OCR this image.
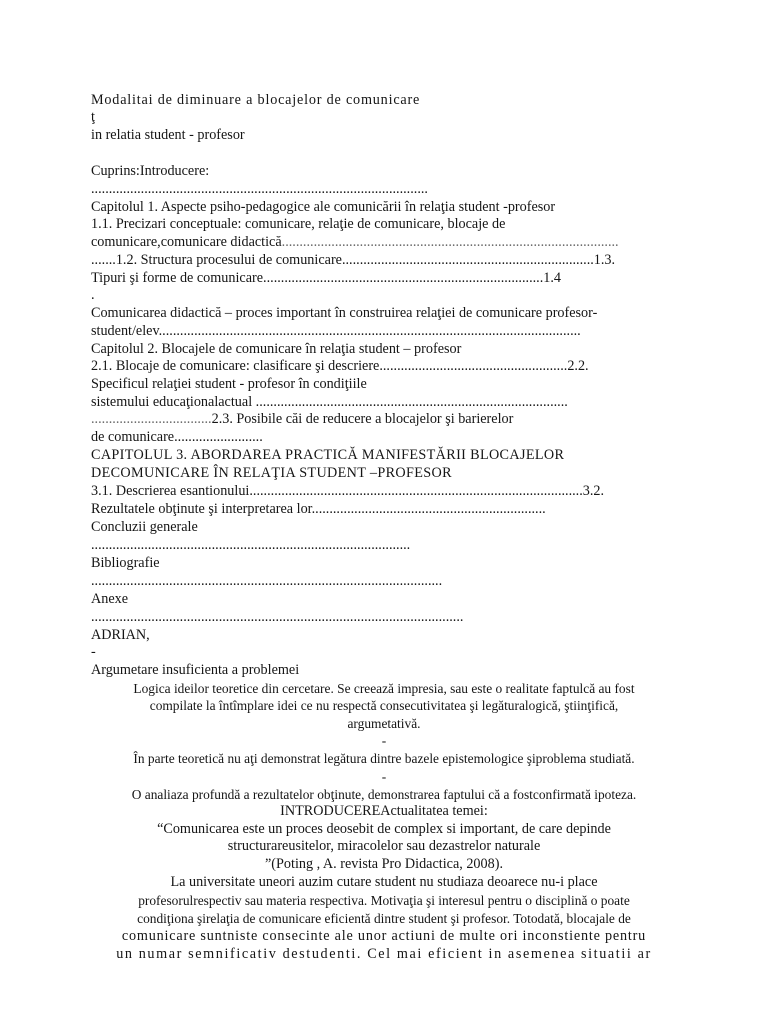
Modalitai de diminuare a blocajelor de comunicare
ţ
in relatia student - profesor
Cuprins:Introducere:
...............................................................................................
Capitolul 1. Aspecte psiho-pedagogice ale comunicării în relaţia student -profesor
1.1. Precizari conceptuale: comunicare, relaţie de comunicare, blocaje de
comunicare,comunicare didactică...............................................................................................
.......1.2. Structura procesului de comunicare.......................................................................1.3.
Tipuri şi forme de comunicare...............................................................................1.4
.
Comunicarea didactică – proces important în construirea relaţiei de comunicare profesor-
student/elev.......................................................................................................................
Capitolul 2. Blocajele de comunicare în relaţia student – profesor
2.1. Blocaje de comunicare: clasificare şi descriere.....................................................2.2.
Specificul relaţiei student - profesor în condiţiile
sistemului educaţionalactual ........................................................................................
..................................2.3. Posibile căi de reducere a blocajelor şi barierelor
de comunicare.........................
CAPITOLUL 3. ABORDAREA PRACTICĂ MANIFESTĂRII BLOCAJELOR
DECOMUNICARE ÎN RELAŢIA STUDENT –PROFESOR
3.1. Descrierea esantionului..............................................................................................3.2.
Rezultatele obţinute şi interpretarea lor..................................................................
Concluzii generale
..........................................................................................
Bibliografie
...................................................................................................
Anexe
.........................................................................................................
ADRIAN,
-
Argumetare insuficienta a problemei
Logica ideilor teoretice din cercetare. Se creează impresia, sau este o realitate faptulcă au fost
compilate la întîmplare idei ce nu respectă consecutivitatea şi legăturalogică, ştiinţifică,
argumetativă.
-
În parte teoretică nu aţi demonstrat legătura dintre bazele epistemologice şiproblema studiată.
-
O analiaza profundă a rezultatelor obţinute, demonstrarea faptului că a fostconfirmată ipoteza.
INTRODUCEREActualitatea temei:
“Comunicarea este un proces deosebit de complex si important, de care depinde
structurareusitelor, miracolelor sau dezastrelor naturale
”(Poting , A. revista Pro Didactica, 2008).
La universitate uneori auzim cutare student nu studiaza deoarece nu-i place
profesorulrespectiv sau materia respectiva. Motivaţia şi interesul pentru o disciplină o poate
condiţiona şirelaţia de comunicare eficientă dintre student şi profesor. Totodată, blocajale de
comunicare suntniste consecinte ale unor actiuni de multe ori inconstiente pentru
un numar semnificativ destudenti. Cel mai eficient in asemenea situatii ar
